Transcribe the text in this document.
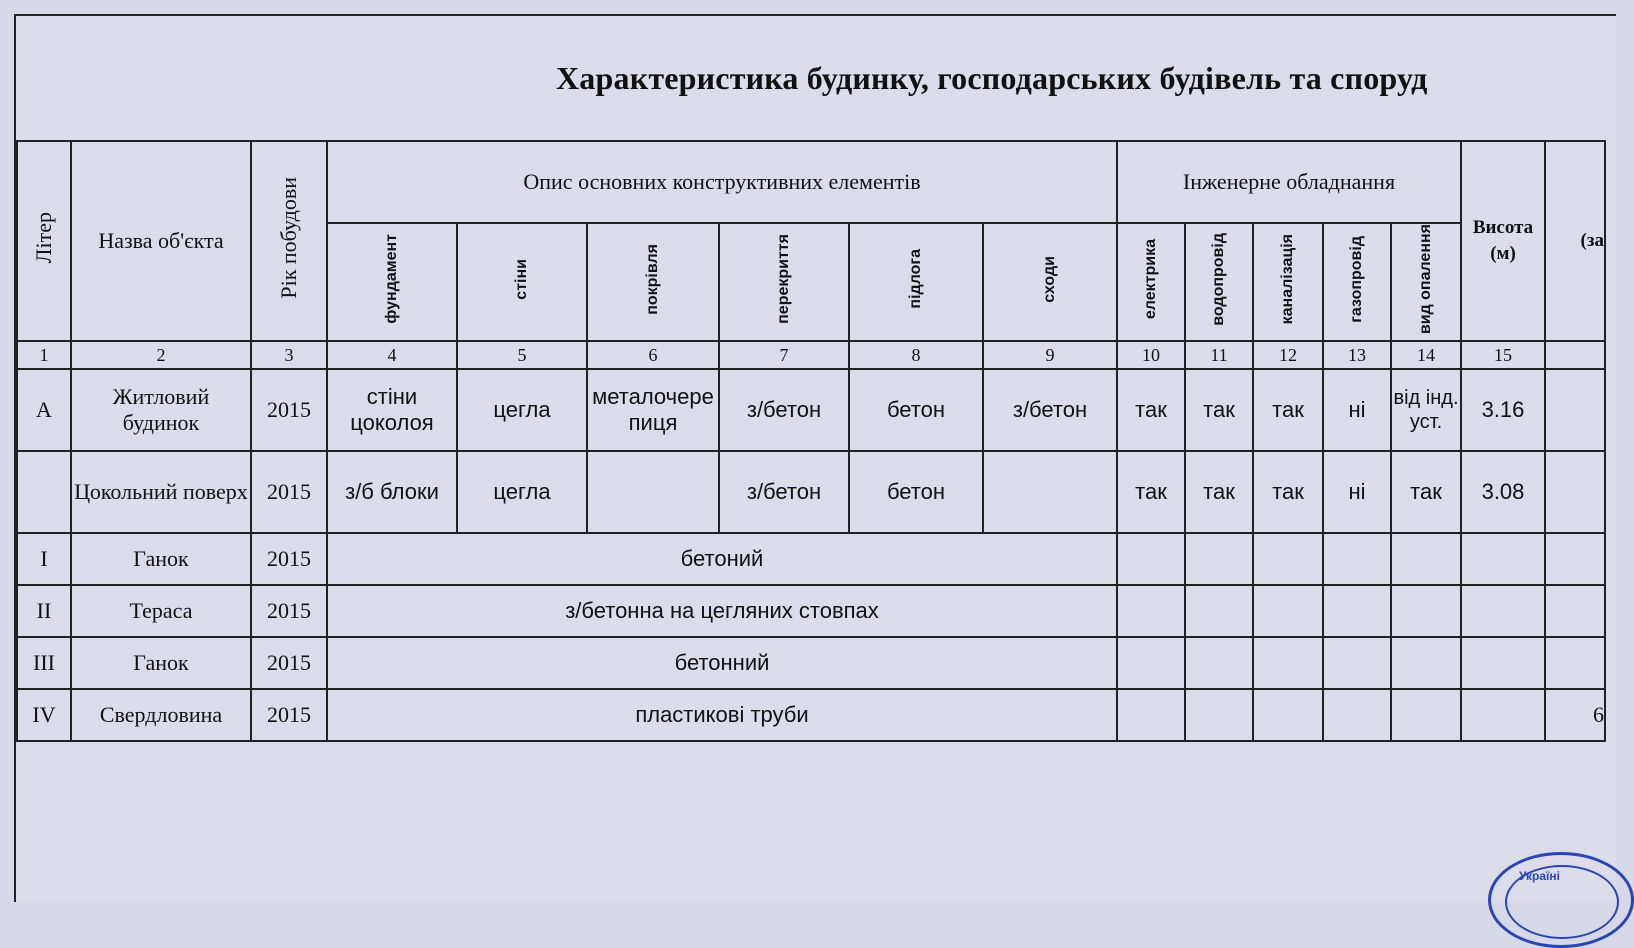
Характеристика будинку, господарських будівель та споруд
Літер	Назва об'єкта	Рік побудови	Опис основних конструктивних елементів						Інженерне обладнання					Висота (м)	(за
			фундамент	стіни	покрівля	перекриття	підлога	сходи	електрика	водопровід	каналізація	газопровід	вид опалення		
1	2	3	4	5	6	7	8	9	10	11	12	13	14	15	
А	Житловий будинок	2015	стіни цоколоя	цегла	металочере пиця	з/бетон	бетон	з/бетон	так	так	так	ні	від інд. уст.	3.16	
	Цокольний поверх	2015	з/б блоки	цегла		з/бетон	бетон		так	так	так	ні	так	3.08	
І	Ганок	2015	бетоний												
ІІ	Тераса	2015	з/бетонна на цегляних стовпах												
ІІІ	Ганок	2015	бетонний												
IV	Свердловина	2015	пластикові труби												6
Україні
